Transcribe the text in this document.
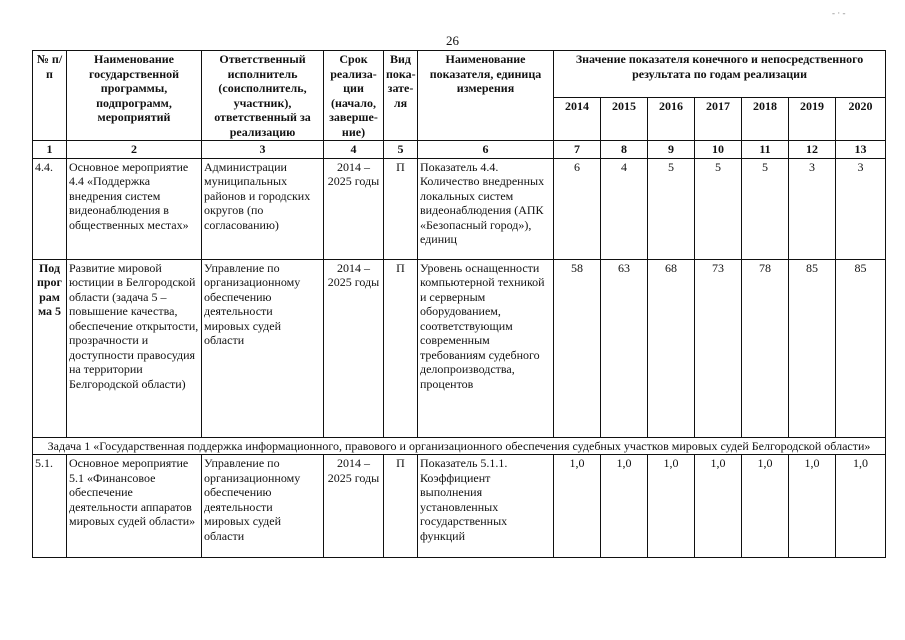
26
- · -
№ п/п	Наименование государственной программы, подпрограмм, мероприятий	Ответственный исполнитель (соисполнитель, участник), ответственный за реализацию	Срок реализа-ции (начало, заверше-ние)	Вид пока-зате-ля	Наименование показателя, единица измерения	Значение показателя конечного и непосредственного результата по годам реализации						
						2014	2015	2016	2017	2018	2019	2020
1	2	3	4	5	6	7	8	9	10	11	12	13
4.4.	Основное мероприятие 4.4 «Поддержка внедрения систем видеонаблюдения в общественных местах»	Администрации муниципальных районов и городских округов (по согласованию)	2014 – 2025 годы	П	Показатель 4.4. Количество внедренных локальных систем видеонаблюдения (АПК «Безопасный город»), единиц	6	4	5	5	5	3	3
Под прог рам ма 5	Развитие мировой юстиции в Белгородской области (задача 5 – повышение качества, обеспечение открытости, прозрачности и доступности правосудия на территории Белгородской области)	Управление по организационному обеспечению деятельности мировых судей области	2014 – 2025 годы	П	Уровень оснащенности компьютерной техникой и серверным оборудованием, соответствующим современным требованиям судебного делопроизводства, процентов	58	63	68	73	78	85	85
Задача 1 «Государственная поддержка информационного, правового и организационного обеспечения судебных участков мировых судей Белгородской области»												
5.1.	Основное мероприятие 5.1 «Финансовое обеспечение деятельности аппаратов мировых судей области»	Управление по организационному обеспечению деятельности мировых судей области	2014 – 2025 годы	П	Показатель 5.1.1. Коэффициент выполнения установленных государственных функций	1,0	1,0	1,0	1,0	1,0	1,0	1,0
